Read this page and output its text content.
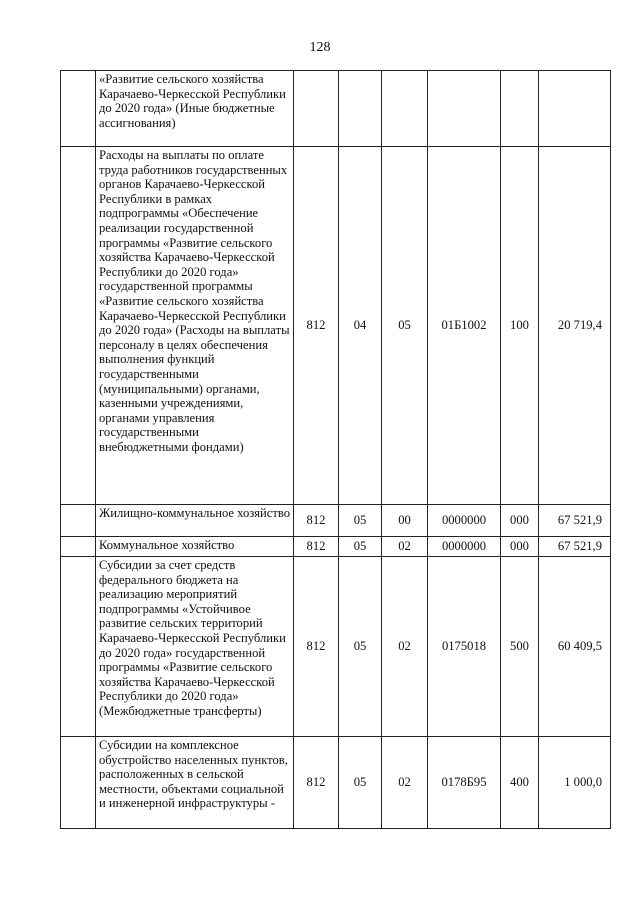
128
	«Развитие сельского хозяйства Карачаево-Черкесской Республики до 2020 года» (Иные бюджетные ассигнования)						
	Расходы на выплаты по оплате труда работников государственных органов Карачаево-Черкесской Республики в рамках подпрограммы «Обеспечение реализации государственной программы «Развитие сельского хозяйства Карачаево-Черкесской Республики до 2020 года» государственной программы «Развитие сельского хозяйства Карачаево-Черкесской Республики до 2020 года» (Расходы на выплаты персоналу в целях обеспечения выполнения функций государственными (муниципальными) органами, казенными учреждениями, органами управления государственными внебюджетными фондами)	812	04	05	01Б1002	100	20 719,4
	Жилищно-коммунальное хозяйство	812	05	00	0000000	000	67 521,9
	Коммунальное хозяйство	812	05	02	0000000	000	67 521,9
	Субсидии за счет средств федерального бюджета на реализацию мероприятий подпрограммы «Устойчивое развитие сельских территорий Карачаево-Черкесской Республики до 2020 года» государственной программы «Развитие сельского хозяйства Карачаево-Черкесской Республики до 2020 года» (Межбюджетные трансферты)	812	05	02	0175018	500	60 409,5
	Субсидии на комплексное обустройство населенных пунктов, расположенных в сельской местности, объектами социальной и инженерной инфраструктуры -	812	05	02	0178Б95	400	1 000,0
